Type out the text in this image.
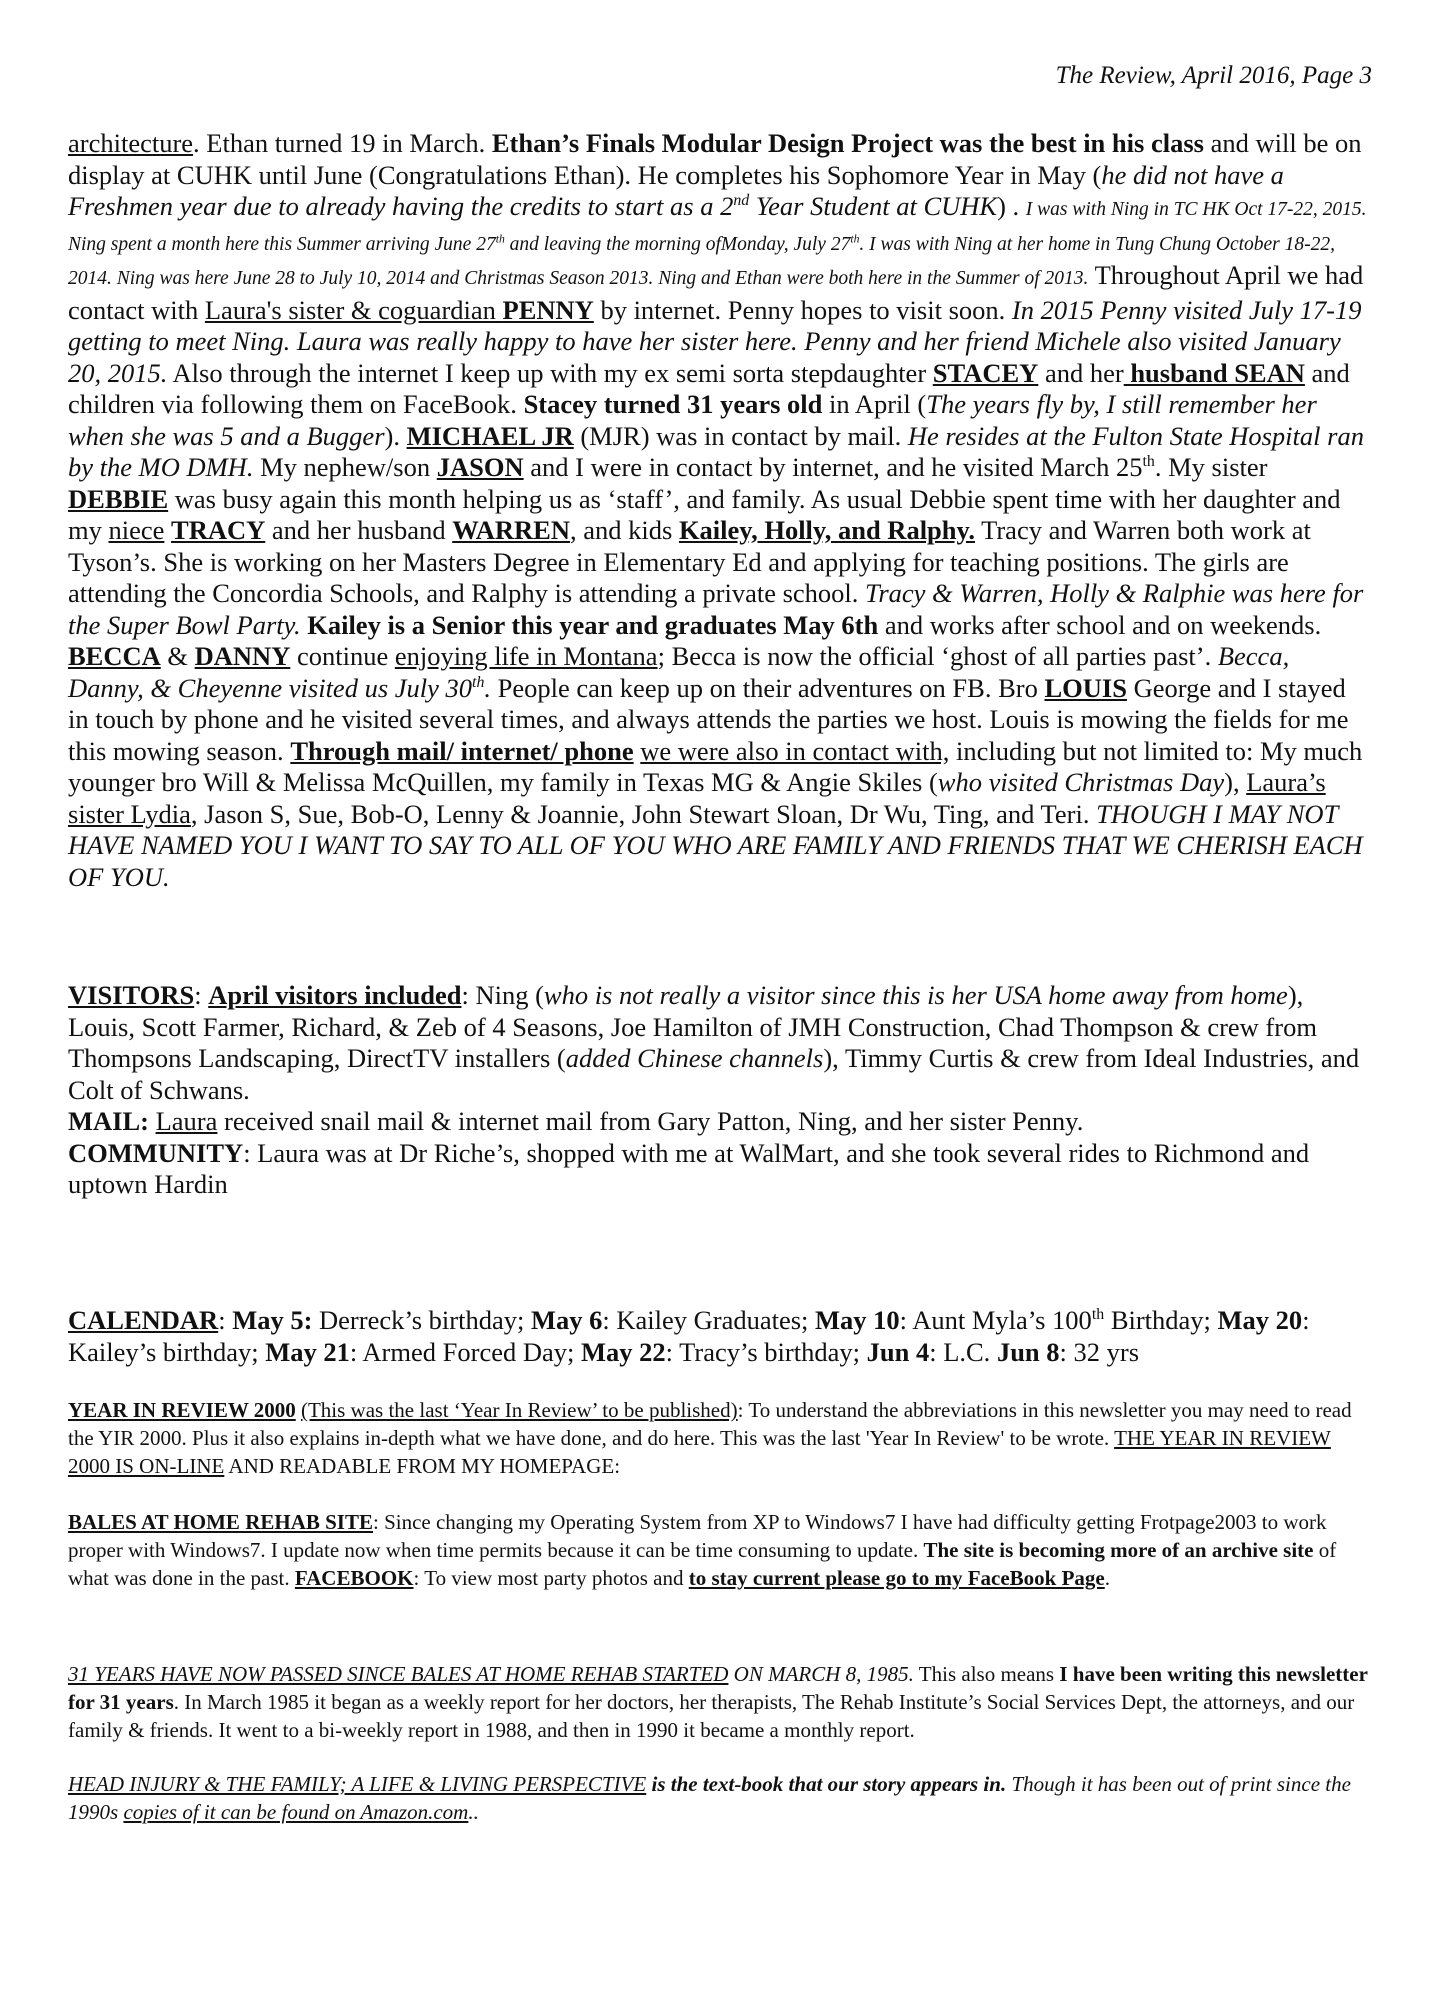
The Review, April 2016, Page 3
architecture. Ethan turned 19 in March. Ethan’s Finals Modular Design Project was the best in his class and will be on display at CUHK until June (Congratulations Ethan). He completes his Sophomore Year in May (he did not have a Freshmen year due to already having the credits to start as a 2nd Year Student at CUHK) . I was with Ning in TC HK Oct 17-22, 2015. Ning spent a month here this Summer arriving June 27th and leaving the morning ofMonday, July 27th. I was with Ning at her home in Tung Chung October 18-22, 2014. Ning was here June 28 to July 10, 2014 and Christmas Season 2013. Ning and Ethan were both here in the Summer of 2013. Throughout April we had contact with Laura's sister & coguardian PENNY by internet. Penny hopes to visit soon. In 2015 Penny visited July 17-19 getting to meet Ning. Laura was really happy to have her sister here. Penny and her friend Michele also visited January 20, 2015. Also through the internet I keep up with my ex semi sorta stepdaughter STACEY and her husband SEAN and children via following them on FaceBook. Stacey turned 31 years old in April (The years fly by, I still remember her when she was 5 and a Bugger). MICHAEL JR (MJR) was in contact by mail. He resides at the Fulton State Hospital ran by the MO DMH. My nephew/son JASON and I were in contact by internet, and he visited March 25th. My sister DEBBIE was busy again this month helping us as ‘staff’, and family. As usual Debbie spent time with her daughter and my niece TRACY and her husband WARREN, and kids Kailey, Holly, and Ralphy. Tracy and Warren both work at Tyson’s. She is working on her Masters Degree in Elementary Ed and applying for teaching positions. The girls are attending the Concordia Schools, and Ralphy is attending a private school. Tracy & Warren, Holly & Ralphie was here for the Super Bowl Party. Kailey is a Senior this year and graduates May 6th and works after school and on weekends. BECCA & DANNY continue enjoying life in Montana; Becca is now the official ‘ghost of all parties past’. Becca, Danny, & Cheyenne visited us July 30th. People can keep up on their adventures on FB. Bro LOUIS George and I stayed in touch by phone and he visited several times, and always attends the parties we host. Louis is mowing the fields for me this mowing season. Through mail/ internet/ phone we were also in contact with, including but not limited to: My much younger bro Will & Melissa McQuillen, my family in Texas MG & Angie Skiles (who visited Christmas Day), Laura’s sister Lydia, Jason S, Sue, Bob-O, Lenny & Joannie, John Stewart Sloan, Dr Wu, Ting, and Teri. THOUGH I MAY NOT HAVE NAMED YOU I WANT TO SAY TO ALL OF YOU WHO ARE FAMILY AND FRIENDS THAT WE CHERISH EACH OF YOU.
VISITORS: April visitors included: Ning (who is not really a visitor since this is her USA home away from home), Louis, Scott Farmer, Richard, & Zeb of 4 Seasons, Joe Hamilton of JMH Construction, Chad Thompson & crew from Thompsons Landscaping, DirectTV installers (added Chinese channels), Timmy Curtis & crew from Ideal Industries, and Colt of Schwans.
MAIL: Laura received snail mail & internet mail from Gary Patton, Ning, and her sister Penny.
COMMUNITY: Laura was at Dr Riche’s, shopped with me at WalMart, and she took several rides to Richmond and uptown Hardin
CALENDAR: May 5: Derreck’s birthday; May 6: Kailey Graduates; May 10: Aunt Myla’s 100th Birthday; May 20: Kailey’s birthday; May 21: Armed Forced Day; May 22: Tracy’s birthday; Jun 4: L.C. Jun 8: 32 yrs
YEAR IN REVIEW 2000 (This was the last ‘Year In Review’ to be published): To understand the abbreviations in this newsletter you may need to read the YIR 2000. Plus it also explains in-depth what we have done, and do here. This was the last 'Year In Review' to be wrote. THE YEAR IN REVIEW 2000 IS ON-LINE AND READABLE FROM MY HOMEPAGE:
BALES AT HOME REHAB SITE: Since changing my Operating System from XP to Windows7 I have had difficulty getting Frotpage2003 to work proper with Windows7. I update now when time permits because it can be time consuming to update. The site is becoming more of an archive site of what was done in the past. FACEBOOK: To view most party photos and to stay current please go to my FaceBook Page.
31 YEARS HAVE NOW PASSED SINCE BALES AT HOME REHAB STARTED ON MARCH 8, 1985. This also means I have been writing this newsletter for 31 years. In March 1985 it began as a weekly report for her doctors, her therapists, The Rehab Institute’s Social Services Dept, the attorneys, and our family & friends. It went to a bi-weekly report in 1988, and then in 1990 it became a monthly report.
HEAD INJURY & THE FAMILY; A LIFE & LIVING PERSPECTIVE is the text-book that our story appears in. Though it has been out of print since the 1990s copies of it can be found on Amazon.com..
